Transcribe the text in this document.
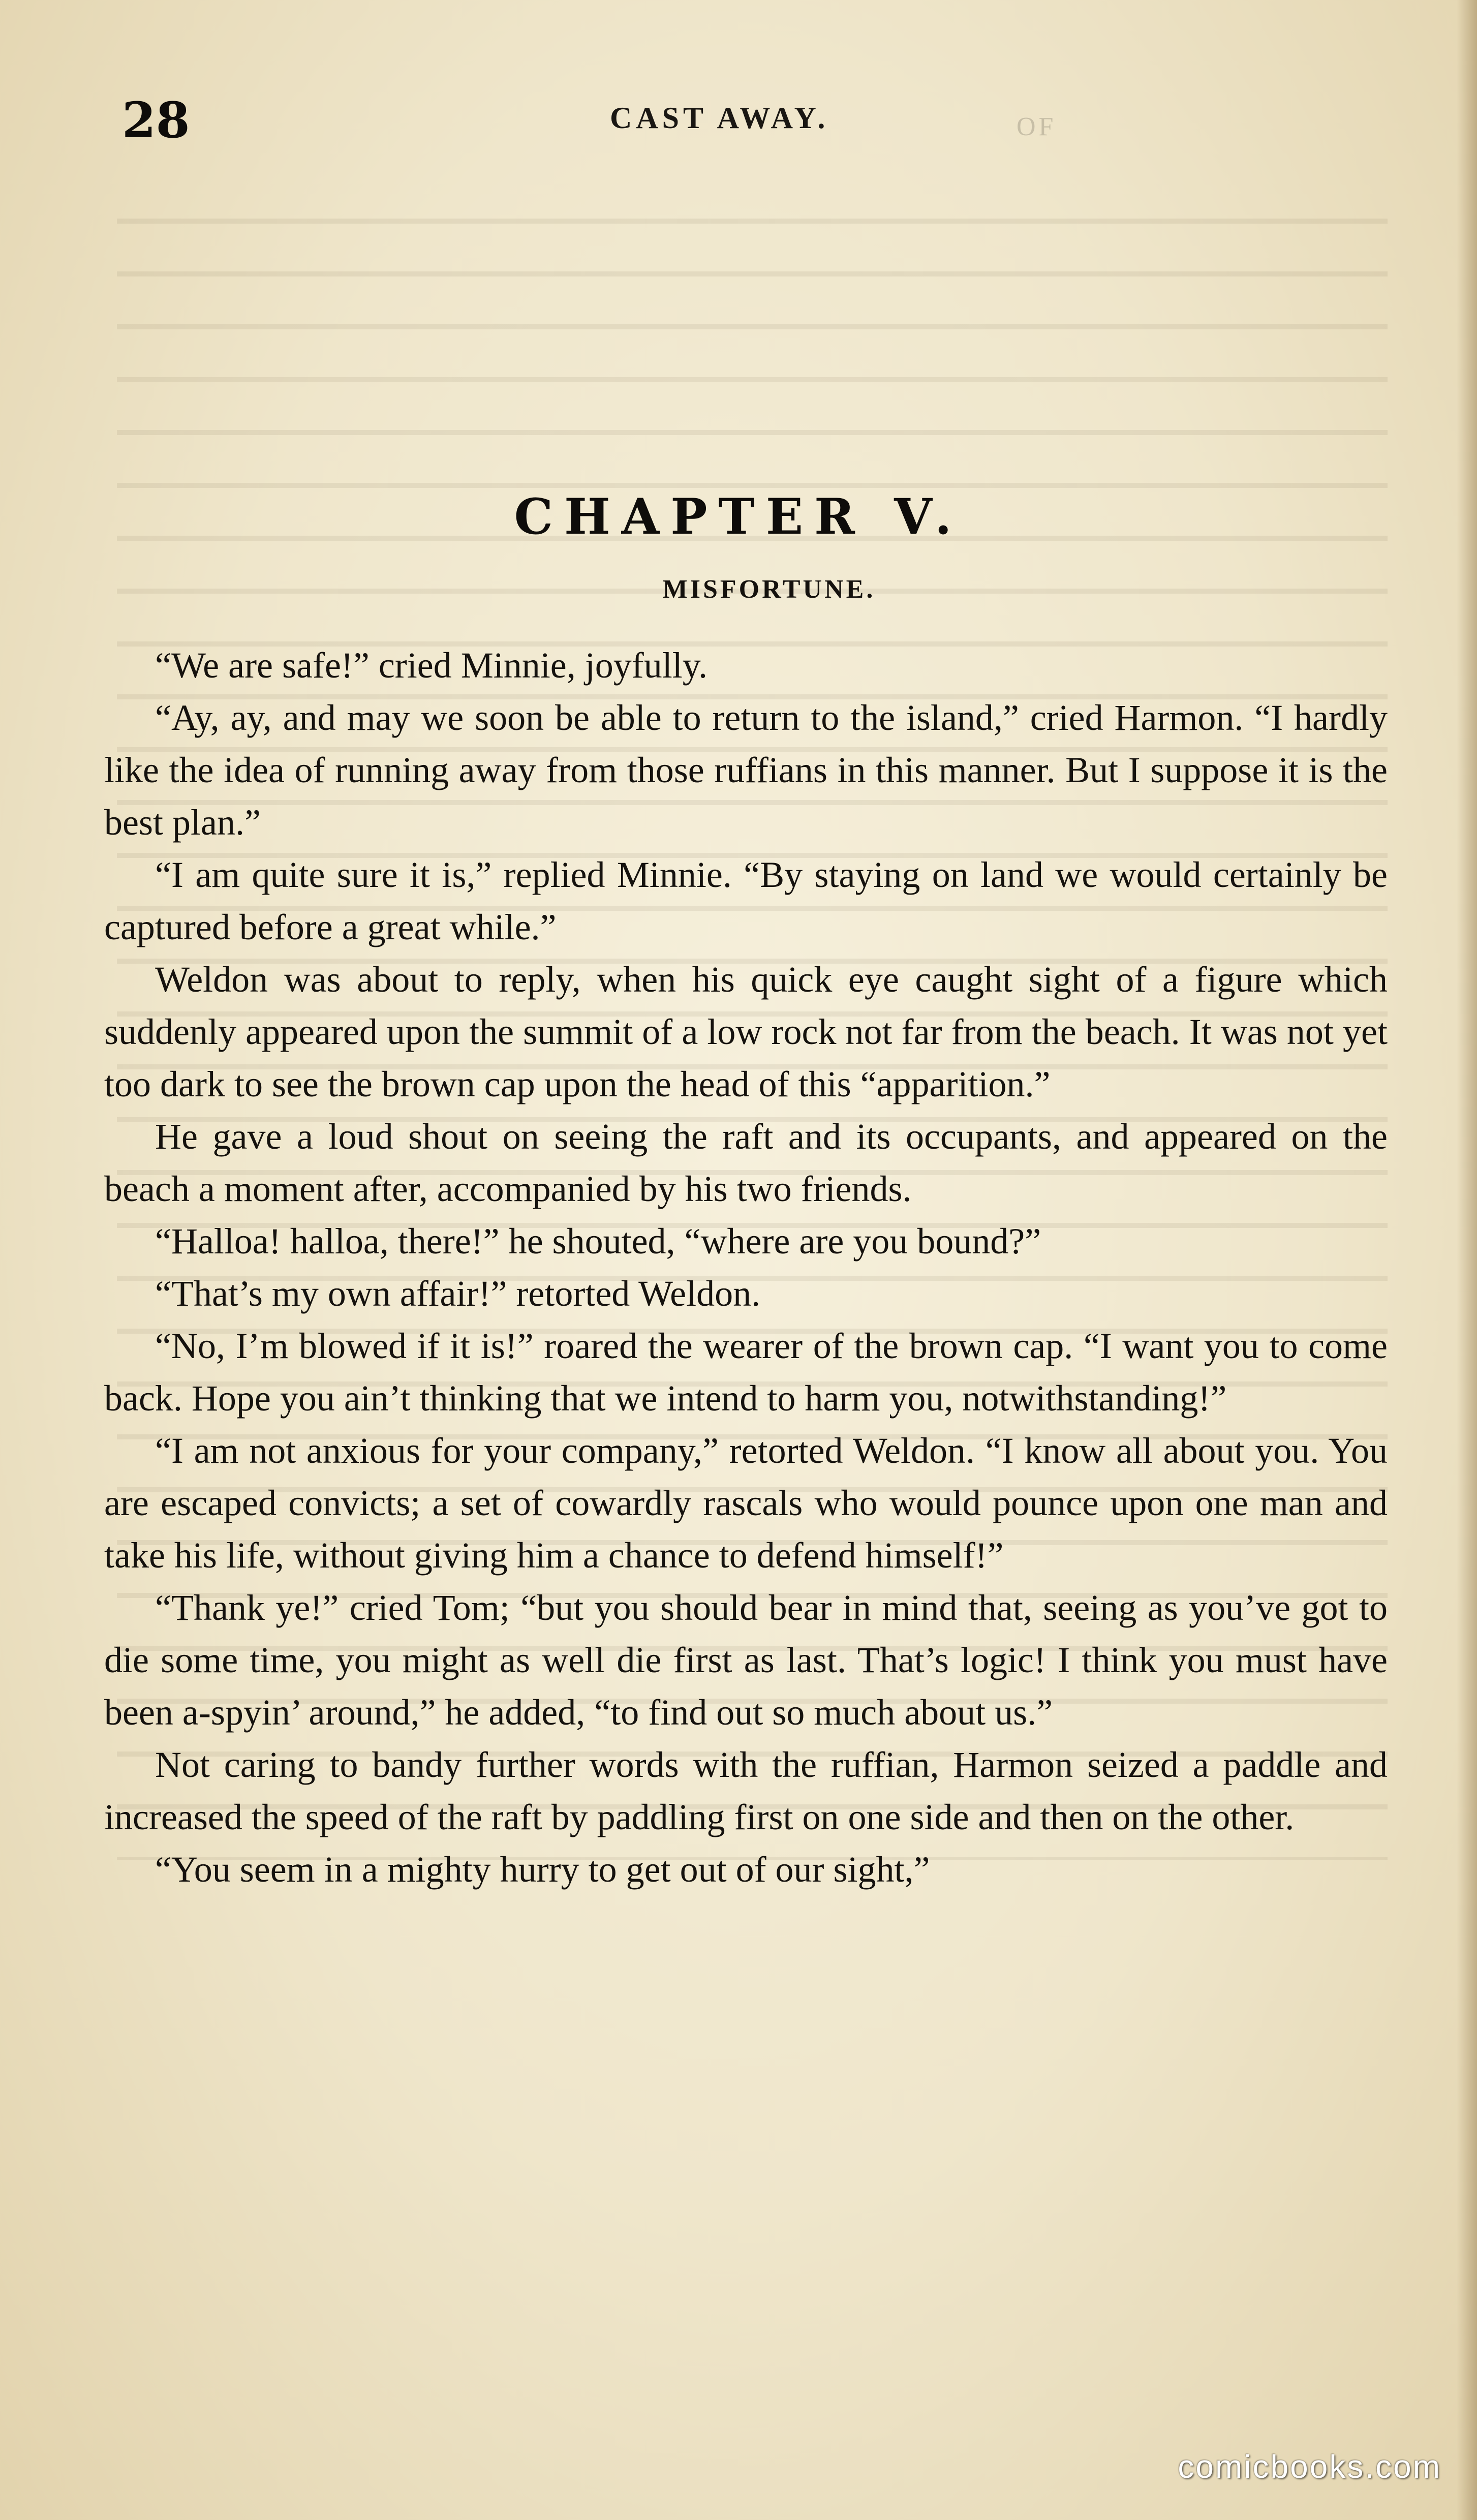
28	CAST AWAY.	OF
CHAPTER V.
MISFORTUNE.

“We are safe!” cried Minnie, joyfully.

“Ay, ay, and may we soon be able to return to the island,” cried Harmon. “I hardly like the idea of running away from those ruffians in this manner. But I suppose it is the best plan.”

“I am quite sure it is,” replied Minnie. “By staying on land we would certainly be captured before a great while.”

Weldon was about to reply, when his quick eye caught sight of a figure which suddenly appeared upon the summit of a low rock not far from the beach. It was not yet too dark to see the brown cap upon the head of this “apparition.”

He gave a loud shout on seeing the raft and its occupants, and appeared on the beach a moment after, accompanied by his two friends.

“Halloa! halloa, there!” he shouted, “where are you bound?”

“That’s my own affair!” retorted Weldon.

“No, I’m blowed if it is!” roared the wearer of the brown cap. “I want you to come back. Hope you ain’t thinking that we intend to harm you, notwithstanding!”

“I am not anxious for your company,” retorted Weldon. “I know all about you. You are escaped convicts; a set of cowardly rascals who would pounce upon one man and take his life, without giving him a chance to defend himself!”

“Thank ye!” cried Tom; “but you should bear in mind that, seeing as you’ve got to die some time, you might as well die first as last. That’s logic! I think you must have been a-spyin’ around,” he added, “to find out so much about us.”

Not caring to bandy further words with the ruffian, Harmon seized a paddle and increased the speed of the raft by paddling first on one side and then on the other.

“You seem in a mighty hurry to get out of our sight,”

comicbooks.com
